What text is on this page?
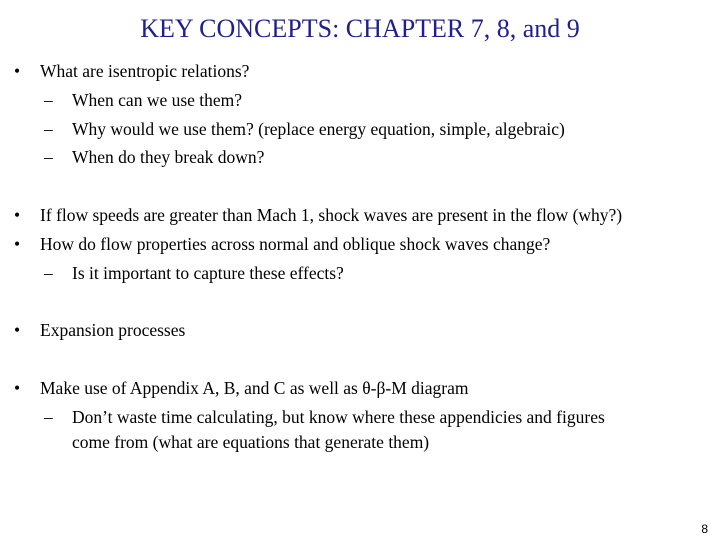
KEY CONCEPTS: CHAPTER 7, 8, and 9
• What are isentropic relations?
– When can we use them?
– Why would we use them? (replace energy equation, simple, algebraic)
– When do they break down?
• If flow speeds are greater than Mach 1, shock waves are present in the flow (why?)
• How do flow properties across normal and oblique shock waves change?
– Is it important to capture these effects?
• Expansion processes
• Make use of Appendix A, B, and C as well as θ-β-M diagram
– Don’t waste time calculating, but know where these appendicies and figures
come from (what are equations that generate them)
8
